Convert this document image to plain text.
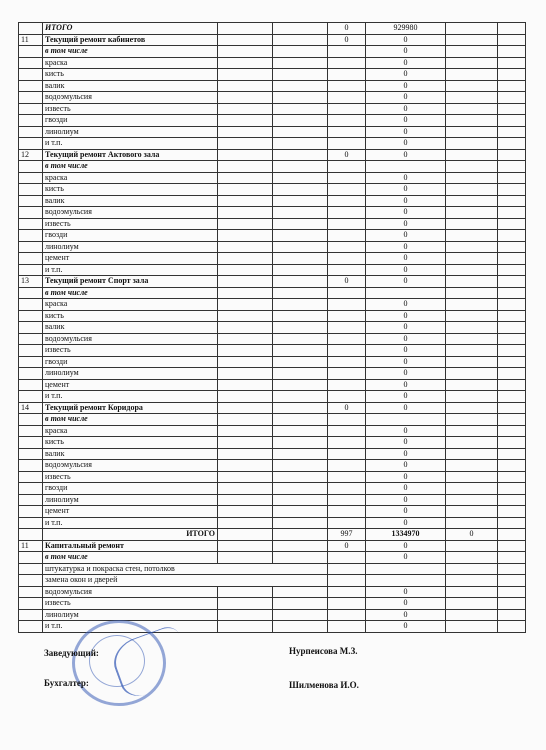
	ИТОГО			0	929980		
11	Текущий ремонт кабинетов			0	0		
	в том числе				0		
	краска				0		
	кисть				0		
	валик				0		
	водоэмульсия				0		
	известь				0		
	гвозди				0		
	линолиум				0		
	и т.п.				0		
12	Текущий ремонт Актового зала			0	0		
	в том числе						
	краска				0		
	кисть				0		
	валик				0		
	водоэмульсия				0		
	известь				0		
	гвозди				0		
	линолиум				0		
	цемент				0		
	и т.п.				0		
13	Текущий ремонт Спорт зала			0	0		
	в том числе						
	краска				0		
	кисть				0		
	валик				0		
	водоэмульсия				0		
	известь				0		
	гвозди				0		
	линолиум				0		
	цемент				0		
	и т.п.				0		
14	Текущий ремонт Коридора			0	0		
	в том числе						
	краска				0		
	кисть				0		
	валик				0		
	водоэмульсия				0		
	известь				0		
	гвозди				0		
	линолиум				0		
	цемент				0		
	и т.п.				0		
	ИТОГО			997	1334970	0	
11	Капитальный ремонт			0	0		
	в том числе				0		
	штукатурка и покраска стен, потолков						
	замена окон и дверей						
	водоэмульсия				0		
	известь				0		
	линолиум				0		
	и т.п.				0		
Заведующий:	Нурпеисова М.З.
Бухгалтер:	Шилменова И.О.
